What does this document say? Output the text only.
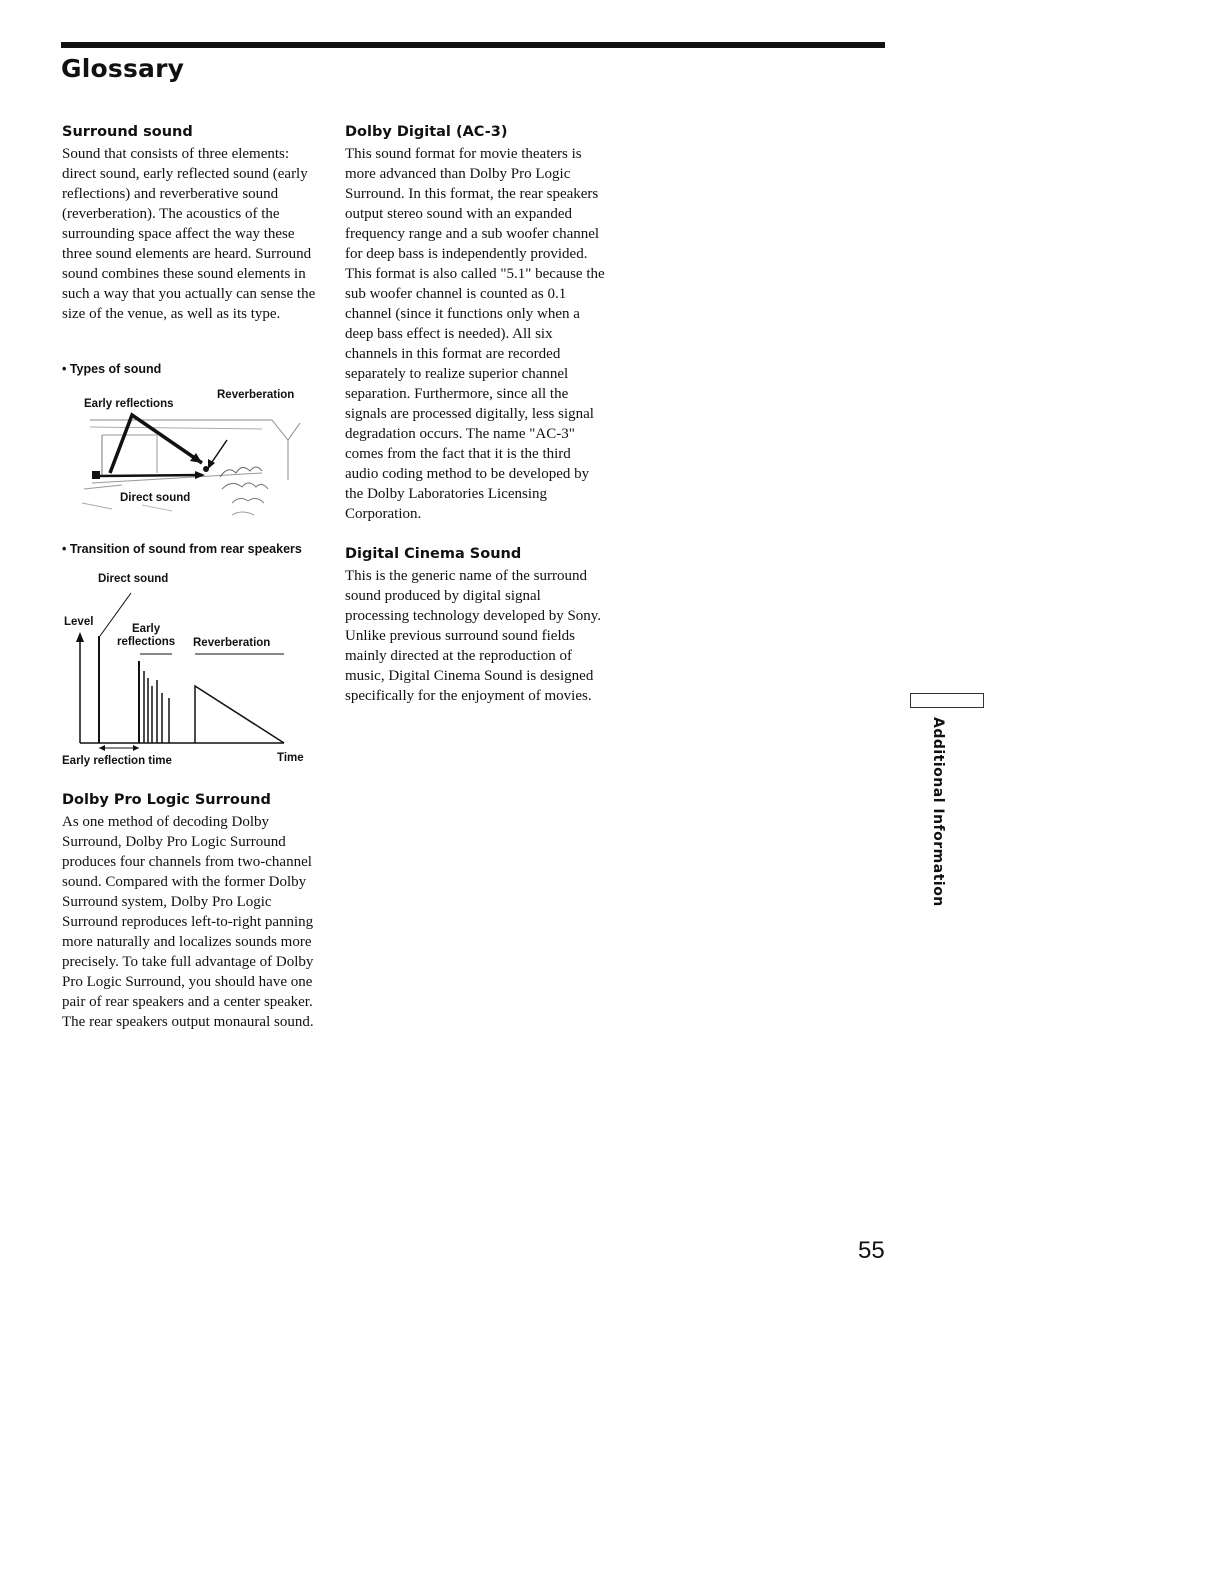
Glossary

Surround sound

Sound that consists of three elements: direct sound, early reflected sound (early reflections) and reverberative sound (reverberation). The acoustics of the surrounding space affect the way these three sound elements are heard. Surround sound combines these sound elements in such a way that you actually can sense the size of the venue, as well as its type.

• Types of sound

Early reflections
Reverberation
Direct sound

• Transition of sound from rear speakers

Direct sound
Level
Early
reflections Reverberation
Early reflection time	Time

Dolby Pro Logic Surround

As one method of decoding Dolby Surround, Dolby Pro Logic Surround produces four channels from two-channel sound. Compared with the former Dolby Surround system, Dolby Pro Logic Surround reproduces left-to-right panning more naturally and localizes sounds more precisely. To take full advantage of Dolby Pro Logic Surround, you should have one pair of rear speakers and a center speaker. The rear speakers output monaural sound.

Dolby Digital (AC-3)

This sound format for movie theaters is more advanced than Dolby Pro Logic Surround. In this format, the rear speakers output stereo sound with an expanded frequency range and a sub woofer channel for deep bass is independently provided. This format is also called "5.1" because the sub woofer channel is counted as 0.1 channel (since it functions only when a deep bass effect is needed). All six channels in this format are recorded separately to realize superior channel separation. Furthermore, since all the signals are processed digitally, less signal degradation occurs. The name "AC-3" comes from the fact that it is the third audio coding method to be developed by the Dolby Laboratories Licensing Corporation.

Digital Cinema Sound

This is the generic name of the surround sound produced by digital signal processing technology developed by Sony. Unlike previous surround sound fields mainly directed at the reproduction of music, Digital Cinema Sound is designed specifically for the enjoyment of movies.

Additional Information
55
